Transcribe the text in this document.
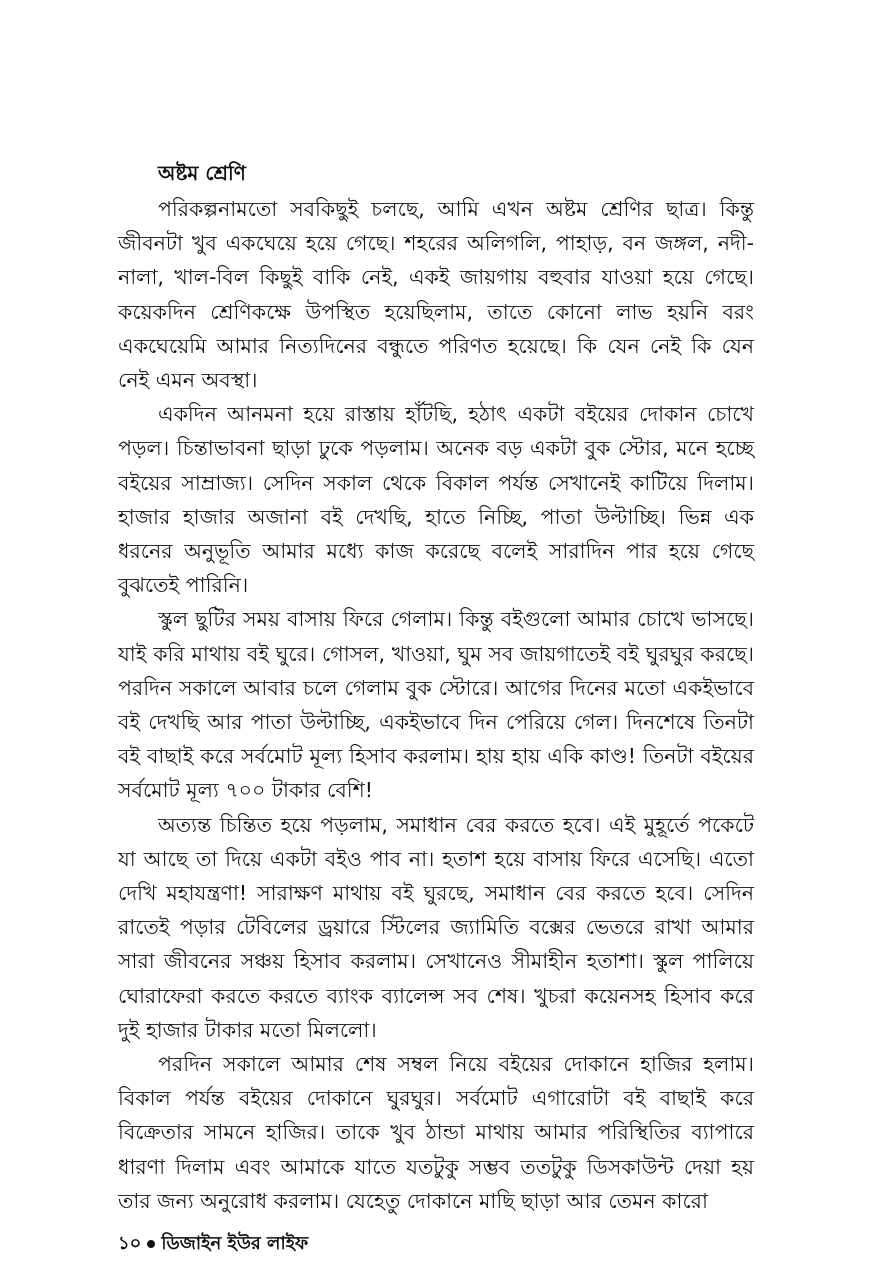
অষ্টম শ্রেণি

পরিকল্পনামতো সবকিছুই চলছে, আমি এখন অষ্টম শ্রেণির ছাত্র। কিন্তু জীবনটা খুব একঘেয়ে হয়ে গেছে। শহরের অলিগলি, পাহাড়, বন জঙ্গল, নদী-নালা, খাল-বিল কিছুই বাকি নেই, একই জায়গায় বহুবার যাওয়া হয়ে গেছে। কয়েকদিন শ্রেণিকক্ষে উপস্থিত হয়েছিলাম, তাতে কোনো লাভ হয়নি বরং একঘেয়েমি আমার নিত্যদিনের বন্ধুতে পরিণত হয়েছে। কি যেন নেই কি যেন নেই এমন অবস্থা।

একদিন আনমনা হয়ে রাস্তায় হাঁটছি, হঠাৎ একটা বইয়ের দোকান চোখে পড়ল। চিন্তাভাবনা ছাড়া ঢুকে পড়লাম। অনেক বড় একটা বুক স্টোর, মনে হচ্ছে বইয়ের সাম্রাজ্য। সেদিন সকাল থেকে বিকাল পর্যন্ত সেখানেই কাটিয়ে দিলাম। হাজার হাজার অজানা বই দেখছি, হাতে নিচ্ছি, পাতা উল্টাচ্ছি। ভিন্ন এক ধরনের অনুভূতি আমার মধ্যে কাজ করেছে বলেই সারাদিন পার হয়ে গেছে বুঝতেই পারিনি।

স্কুল ছুটির সময় বাসায় ফিরে গেলাম। কিন্তু বইগুলো আমার চোখে ভাসছে। যাই করি মাথায় বই ঘুরে। গোসল, খাওয়া, ঘুম সব জায়গাতেই বই ঘুরঘুর করছে। পরদিন সকালে আবার চলে গেলাম বুক স্টোরে। আগের দিনের মতো একইভাবে বই দেখছি আর পাতা উল্টাচ্ছি, একইভাবে দিন পেরিয়ে গেল। দিনশেষে তিনটা বই বাছাই করে সর্বমোট মূল্য হিসাব করলাম। হায় হায় একি কাণ্ড! তিনটা বইয়ের সর্বমোট মূল্য ৭০০ টাকার বেশি!

অত্যন্ত চিন্তিত হয়ে পড়লাম, সমাধান বের করতে হবে। এই মুহূর্তে পকেটে যা আছে তা দিয়ে একটা বইও পাব না। হতাশ হয়ে বাসায় ফিরে এসেছি। এতো দেখি মহাযন্ত্রণা! সারাক্ষণ মাথায় বই ঘুরছে, সমাধান বের করতে হবে। সেদিন রাতেই পড়ার টেবিলের ড্রয়ারে স্টিলের জ্যামিতি বক্সের ভেতরে রাখা আমার সারা জীবনের সঞ্চয় হিসাব করলাম। সেখানেও সীমাহীন হতাশা। স্কুল পালিয়ে ঘোরাফেরা করতে করতে ব্যাংক ব্যালেন্স সব শেষ। খুচরা কয়েনসহ হিসাব করে দুই হাজার টাকার মতো মিললো।

পরদিন সকালে আমার শেষ সম্বল নিয়ে বইয়ের দোকানে হাজির হলাম। বিকাল পর্যন্ত বইয়ের দোকানে ঘুরঘুর। সর্বমোট এগারোটা বই বাছাই করে বিক্রেতার সামনে হাজির। তাকে খুব ঠান্ডা মাথায় আমার পরিস্থিতির ব্যাপারে ধারণা দিলাম এবং আমাকে যাতে যতটুকু সম্ভব ততটুকু ডিসকাউন্ট দেয়া হয় তার জন্য অনুরোধ করলাম। যেহেতু দোকানে মাছি ছাড়া আর তেমন কারো

১০ ডিজাইন ইউর লাইফ
